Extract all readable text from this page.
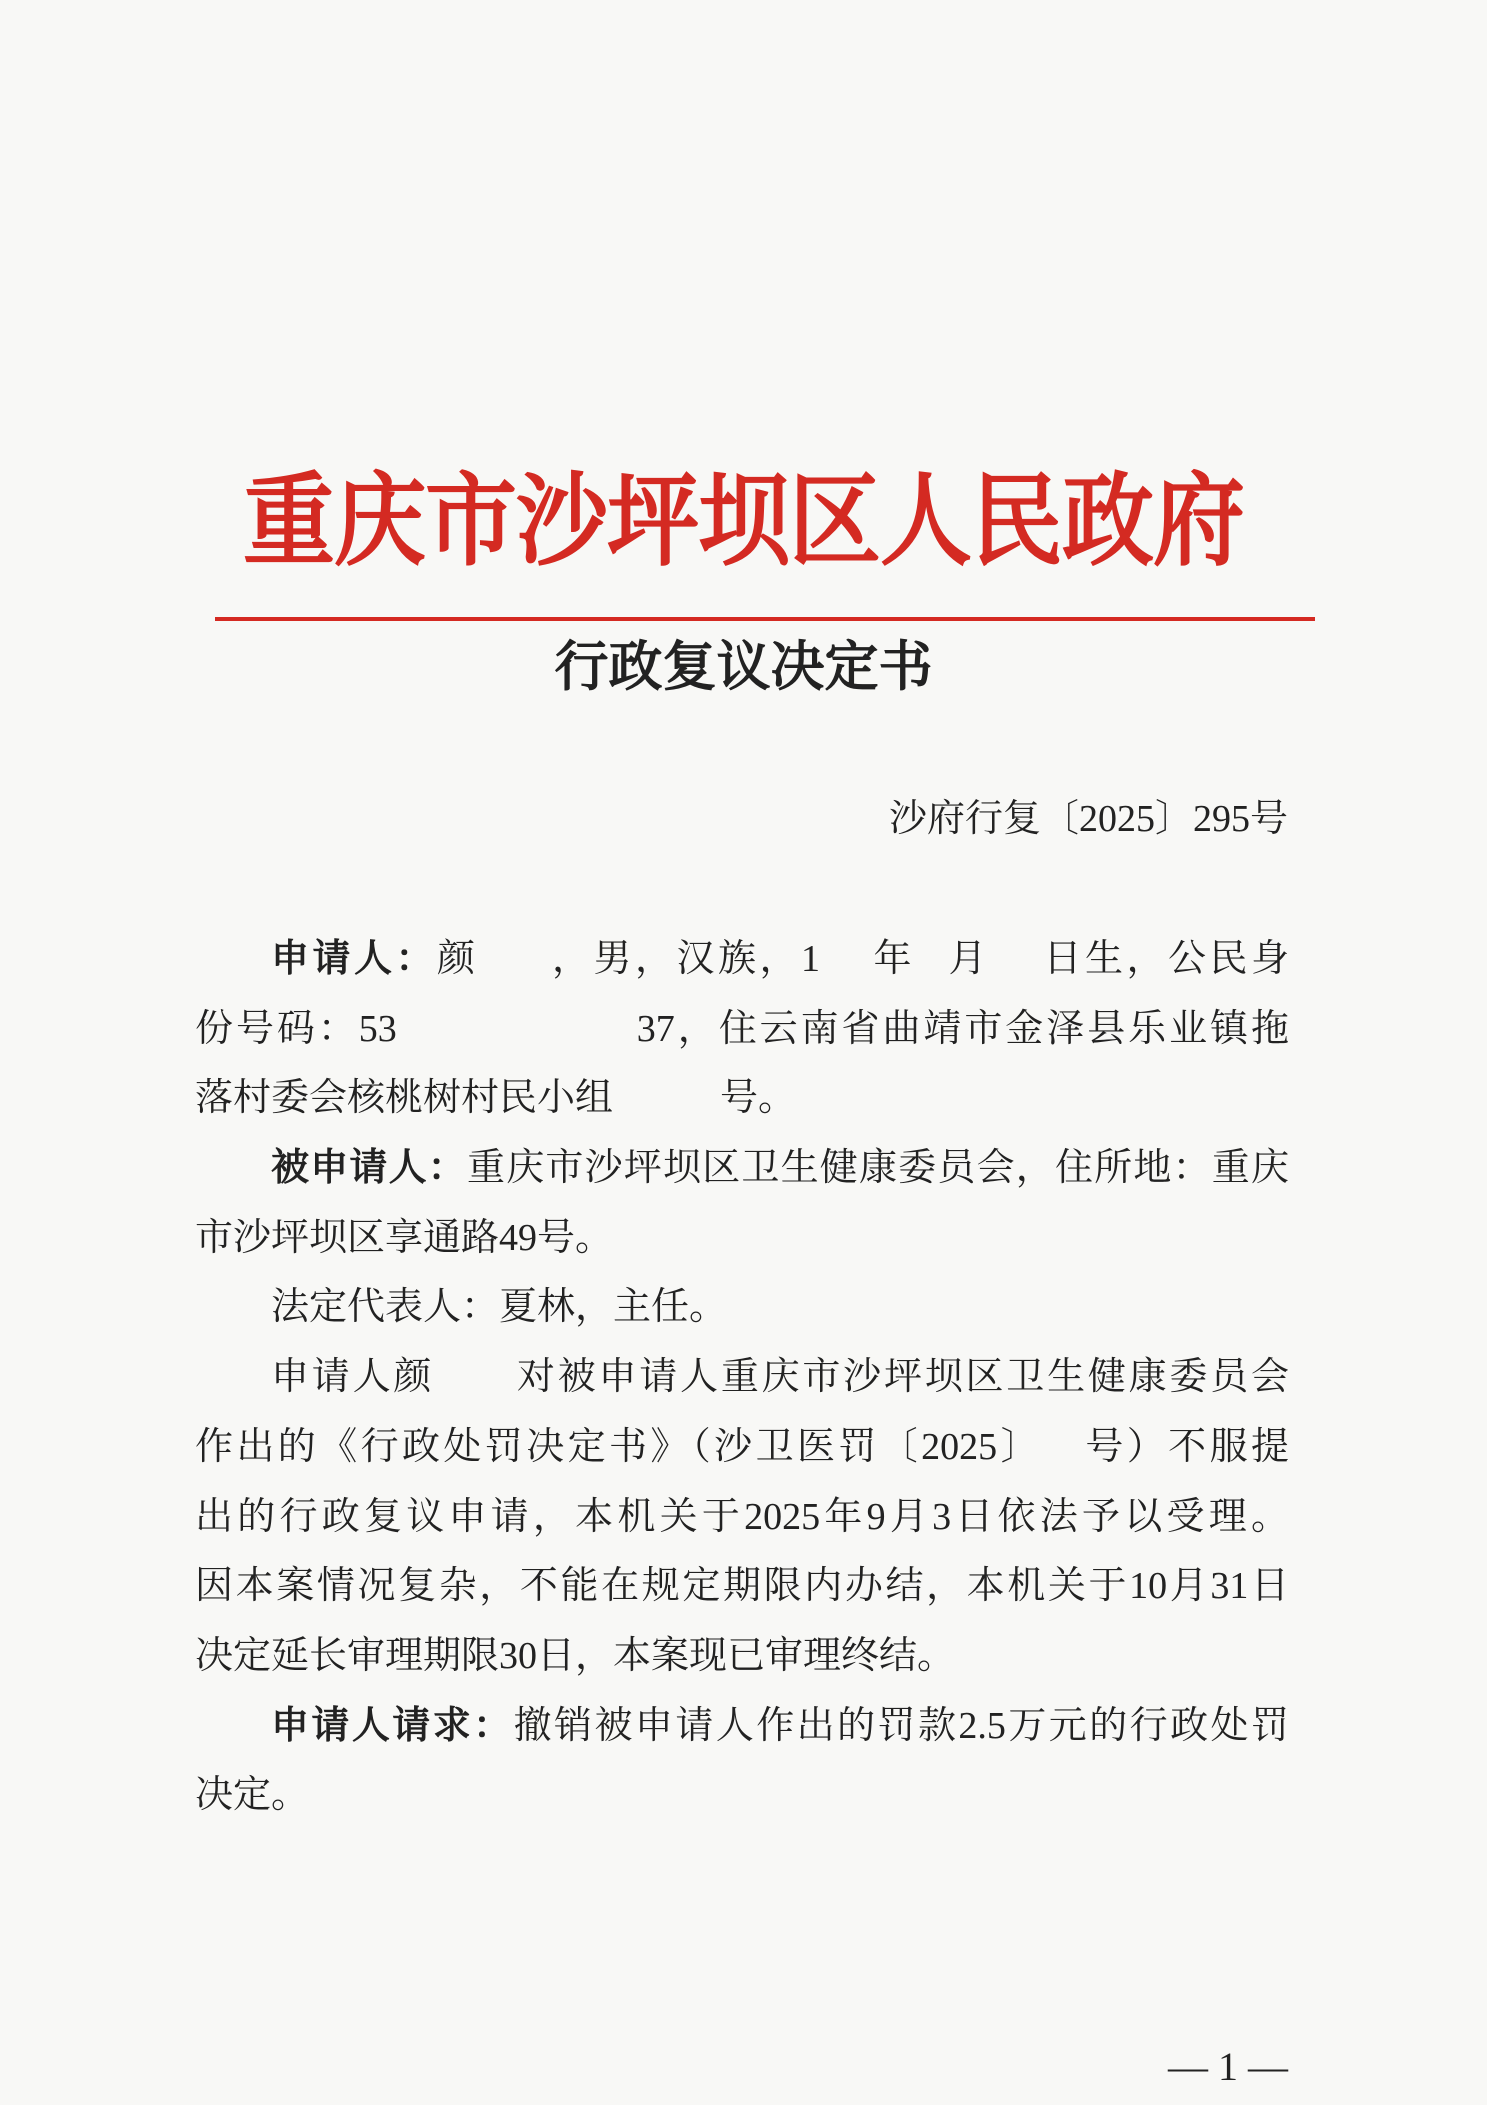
重庆市沙坪坝区人民政府
行政复议决定书
沙府行复〔2025〕295号
申请人：颜 ，男，汉族，1 年 月 日生，公民身
份号码：53	37，住云南省曲靖市金泽县乐业镇拖
落村委会核桃树村民小组	号。
被申请人：重庆市沙坪坝区卫生健康委员会，住所地：重庆
市沙坪坝区享通路49号。
法定代表人：夏林，主任。
申请人颜 对被申请人重庆市沙坪坝区卫生健康委员会
作出的《行政处罚决定书》（沙卫医罚〔2025〕 号）不服提
出的行政复议申请，本机关于2025年9月3日依法予以受理。
因本案情况复杂，不能在规定期限内办结，本机关于10月31日
决定延长审理期限30日，本案现已审理终结。
申请人请求：撤销被申请人作出的罚款2.5万元的行政处罚
决定。
— 1 —
